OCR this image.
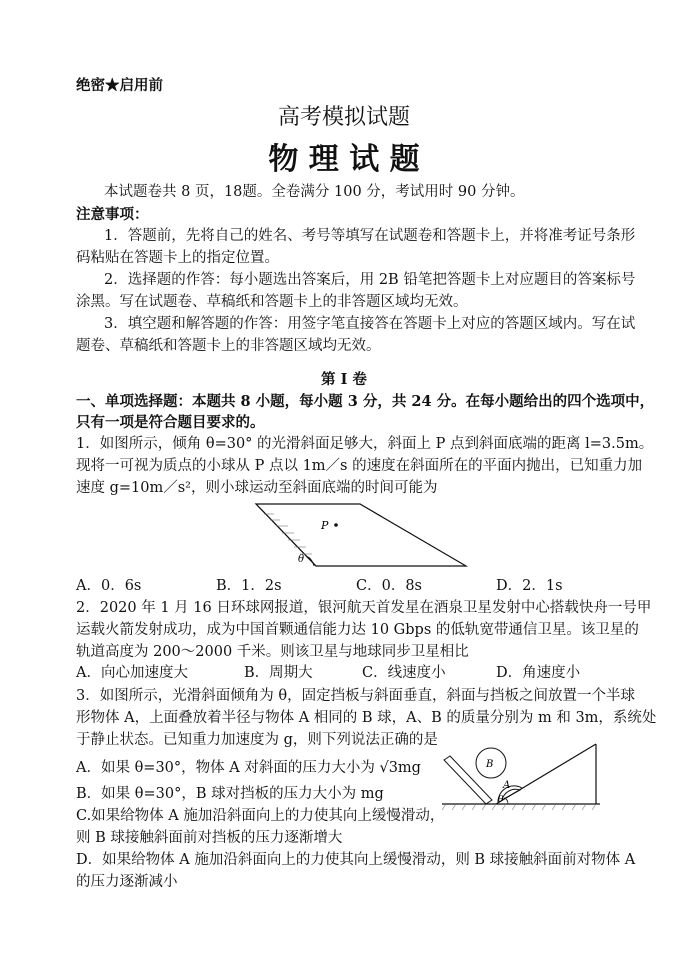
绝密★启用前
高考模拟试题
物 理 试 题
本试题卷共 8 页，18题。全卷满分 100 分，考试用时 90 分钟。
注意事项：
1．答题前，先将自己的姓名、考号等填写在试题卷和答题卡上，并将准考证号条形
码粘贴在答题卡上的指定位置。
2．选择题的作答：每小题选出答案后，用 2B 铅笔把答题卡上对应题目的答案标号
涂黑。写在试题卷、草稿纸和答题卡上的非答题区域均无效。
3．填空题和解答题的作答：用签字笔直接答在答题卡上对应的答题区域内。写在试
题卷、草稿纸和答题卡上的非答题区域均无效。
第 I 卷
一、单项选择题：本题共 8 小题，每小题 3 分，共 24 分。在每小题给出的四个选项中，
只有一项是符合题目要求的。
1．如图所示，倾角 θ=30° 的光滑斜面足够大，斜面上 P 点到斜面底端的距离 l=3.5m。
现将一可视为质点的小球从 P 点以 1m／s 的速度在斜面所在的平面内抛出，已知重力加
速度 g=10m／s²，则小球运动至斜面底端的时间可能为
P
θ
A．0．6s	B．1．2s	C．0．8s	D．2．1s
2．2020 年 1 月 16 日环球网报道，银河航天首发星在酒泉卫星发射中心搭载快舟一号甲
运载火箭发射成功，成为中国首颗通信能力达 10 Gbps 的低轨宽带通信卫星。该卫星的
轨道高度为 200～2000 千米。则该卫星与地球同步卫星相比
A．向心加速度大	B．周期大	C．线速度小	D．角速度小
3．如图所示，光滑斜面倾角为 θ，固定挡板与斜面垂直，斜面与挡板之间放置一个半球
形物体 A，上面叠放着半径与物体 A 相同的 B 球，A、B 的质量分别为 m 和 3m，系统处
于静止状态。已知重力加速度为 g，则下列说法正确的是
A．如果 θ=30°，物体 A 对斜面的压力大小为 √3mg
B．如果 θ=30°，B 球对挡板的压力大小为 mg
C.如果给物体 A 施加沿斜面向上的力使其向上缓慢滑动，
则 B 球接触斜面前对挡板的压力逐渐增大
D．如果给物体 A 施加沿斜面向上的力使其向上缓慢滑动，则 B 球接触斜面前对物体 A
的压力逐渐减小
A
B
θ
